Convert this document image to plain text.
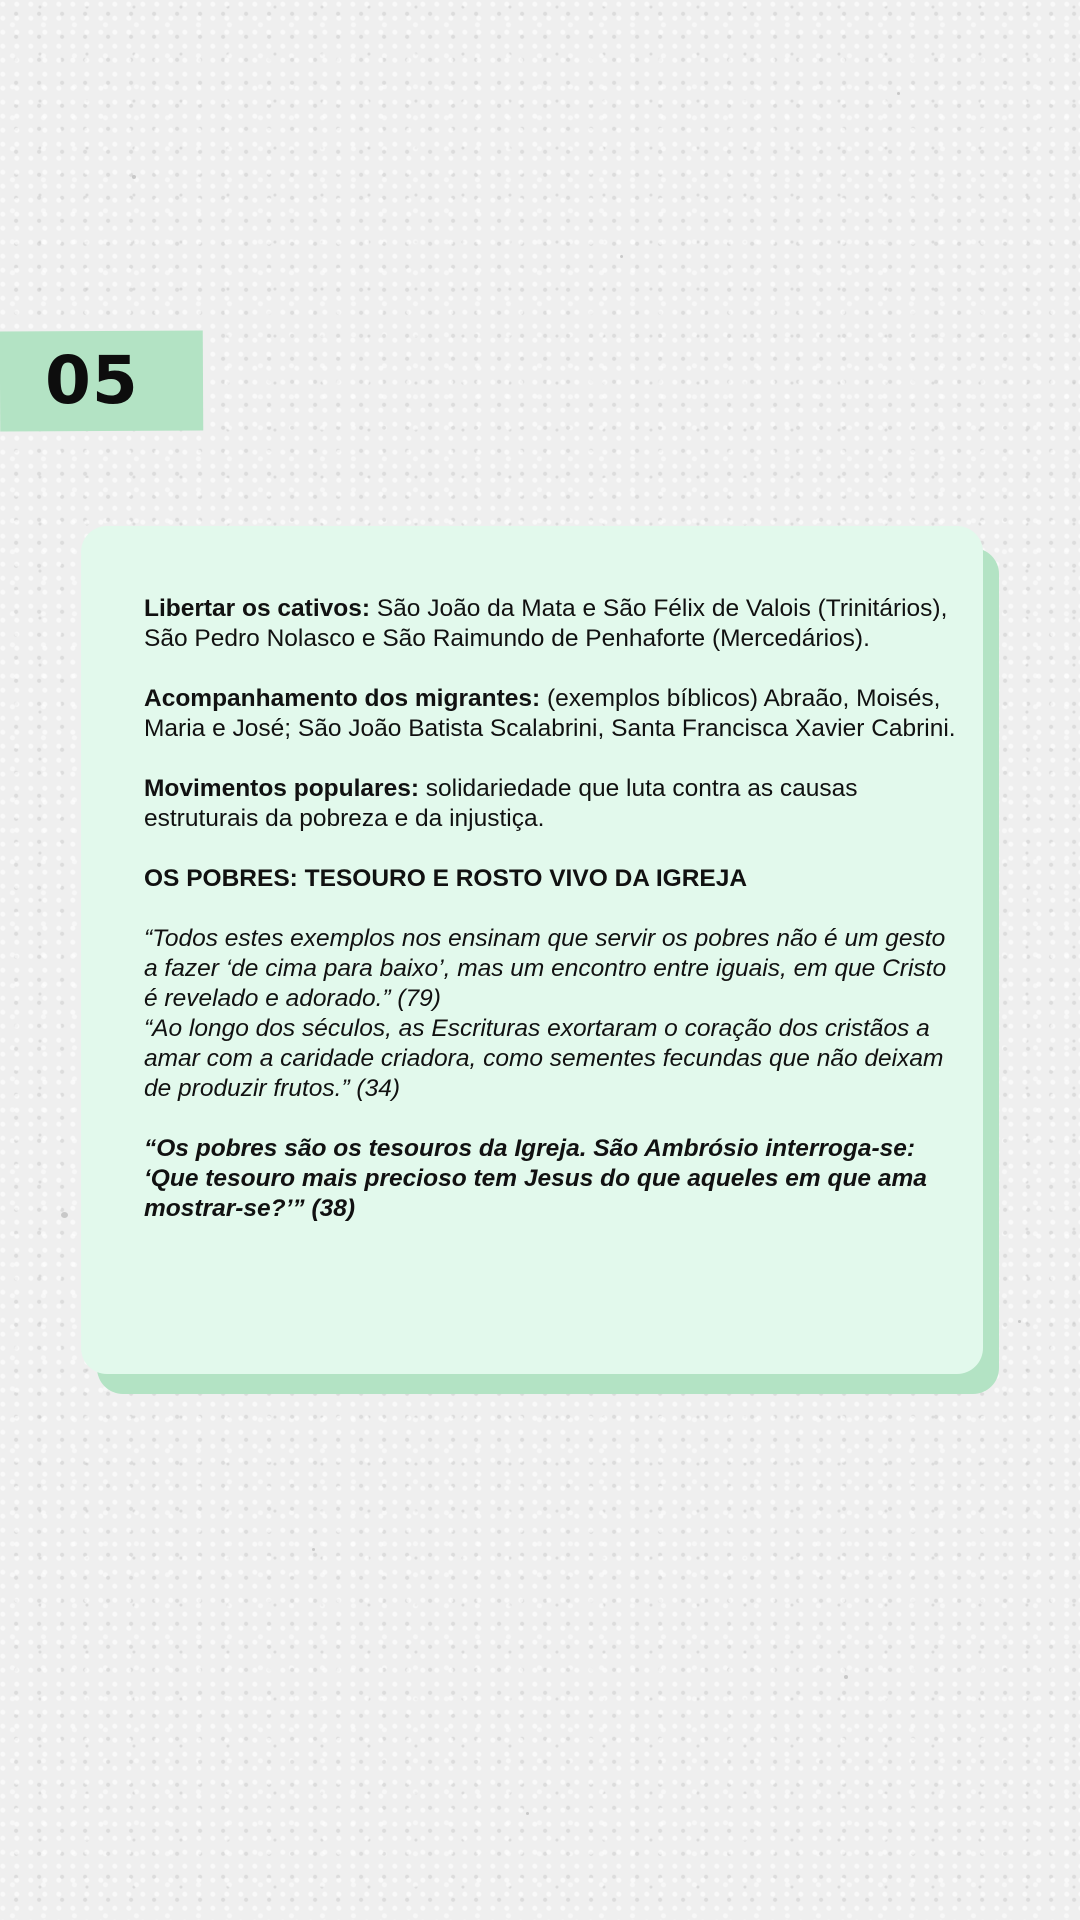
05

Libertar os cativos: São João da Mata e São Félix de Valois (Trinitários), São Pedro Nolasco e São Raimundo de Penhaforte (Mercedários).

Acompanhamento dos migrantes: (exemplos bíblicos) Abraão, Moisés, Maria e José; São João Batista Scalabrini, Santa Francisca Xavier Cabrini.

Movimentos populares: solidariedade que luta contra as causas estruturais da pobreza e da injustiça.

OS POBRES: TESOURO E ROSTO VIVO DA IGREJA

“Todos estes exemplos nos ensinam que servir os pobres não é um gesto a fazer ‘de cima para baixo’, mas um encontro entre iguais, em que Cristo é revelado e adorado.” (79)

“Ao longo dos séculos, as Escrituras exortaram o coração dos cristãos a amar com a caridade criadora, como sementes fecundas que não deixam de produzir frutos.” (34)

“Os pobres são os tesouros da Igreja. São Ambrósio interroga-se: ‘Que tesouro mais precioso tem Jesus do que aqueles em que ama mostrar-se?’” (38)
